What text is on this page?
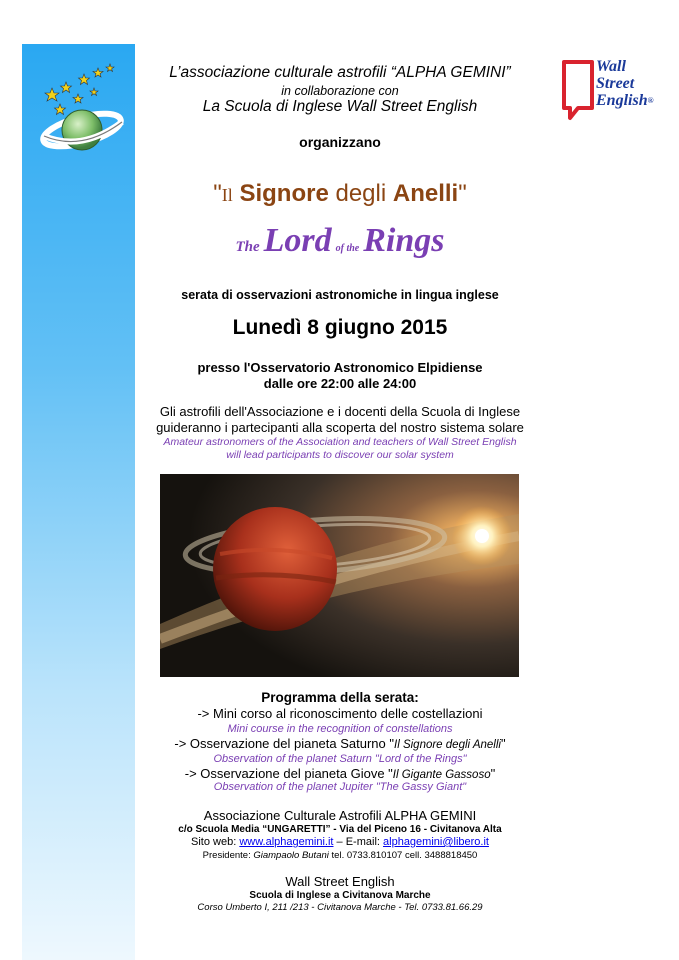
Wall
Street
English®
L’associazione culturale astrofili “ALPHA GEMINI”
in collaborazione con
La Scuola di Inglese Wall Street English
organizzano
"Il Signore degli Anelli"
The Lord of the Rings
serata di osservazioni astronomiche in lingua inglese
Lunedì 8 giugno 2015
presso l'Osservatorio Astronomico Elpidiense
dalle ore 22:00 alle 24:00
Gli astrofili dell'Associazione e i docenti della Scuola di Inglese
guideranno i partecipanti alla scoperta del nostro sistema solare
Amateur astronomers of the Association and teachers of Wall Street English
will lead participants to discover our solar system
Programma della serata:
-> Mini corso al riconoscimento delle costellazioni
Mini course in the recognition of constellations
-> Osservazione del pianeta Saturno "Il Signore degli Anelli"
Observation of the planet Saturn "Lord of the Rings"
-> Osservazione del pianeta Giove "Il Gigante Gassoso"
Observation of the planet Jupiter "The Gassy Giant"
Associazione Culturale Astrofili ALPHA GEMINI
c/o Scuola Media “UNGARETTI” - Via del Piceno 16 - Civitanova Alta
Sito web: www.alphagemini.it – E-mail: alphagemini@libero.it
Presidente: Giampaolo Butani tel. 0733.810107 cell. 3488818450
Wall Street English
Scuola di Inglese a Civitanova Marche
Corso Umberto I, 211 /213 - Civitanova Marche - Tel. 0733.81.66.29
